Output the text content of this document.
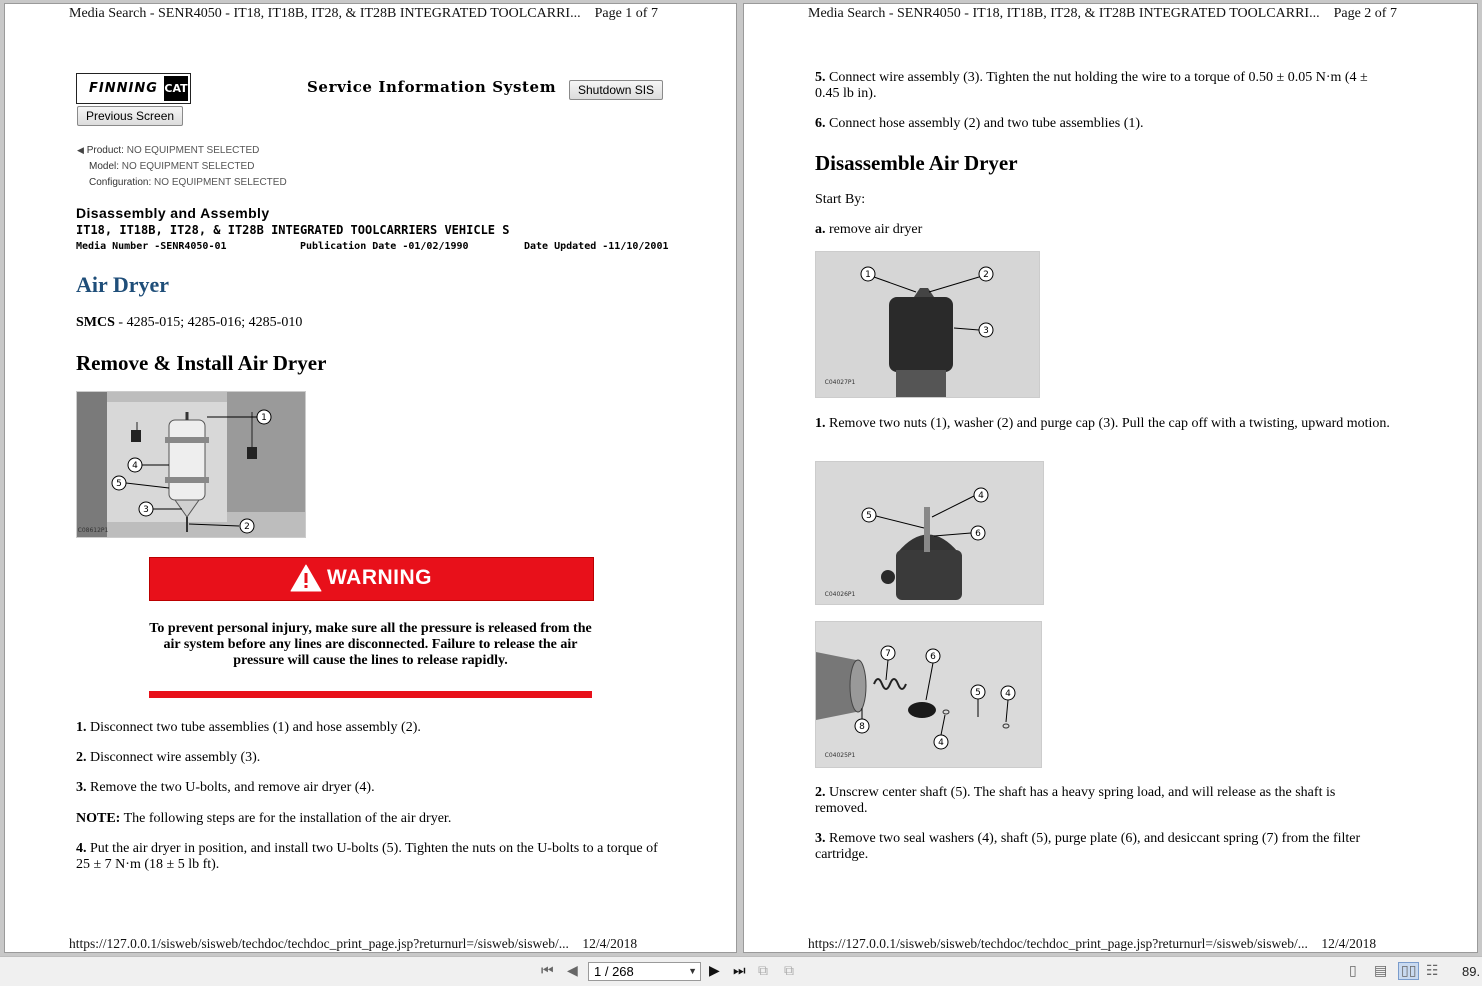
Media Search - SENR4050 - IT18, IT18B, IT28, & IT28B INTEGRATED TOOLCARRI... Page 1 of 7
FINNING CAT	Service Information System	Shutdown SIS
Previous Screen
◀ Product: NO EQUIPMENT SELECTED
Model: NO EQUIPMENT SELECTED
Configuration: NO EQUIPMENT SELECTED
Disassembly and Assembly
IT18, IT18B, IT28, & IT28B INTEGRATED TOOLCARRIERS VEHICLE S
Media Number -SENR4050-01	Publication Date -01/02/1990	Date Updated -11/10/2001
Air Dryer
SMCS - 4285-015; 4285-016; 4285-010
Remove & Install Air Dryer
1
2
3
4
5
C08612P1
WARNING
To prevent personal injury, make sure all the pressure is released from the air system before any lines are disconnected. Failure to release the air pressure will cause the lines to release rapidly.
1. Disconnect two tube assemblies (1) and hose assembly (2).
2. Disconnect wire assembly (3).
3. Remove the two U-bolts, and remove air dryer (4).
NOTE: The following steps are for the installation of the air dryer.
4. Put the air dryer in position, and install two U-bolts (5). Tighten the nuts on the U-bolts to a torque of 25 ± 7 N·m (18 ± 5 lb ft).
https://127.0.0.1/sisweb/sisweb/techdoc/techdoc_print_page.jsp?returnurl=/sisweb/sisweb/... 12/4/2018
Media Search - SENR4050 - IT18, IT18B, IT28, & IT28B INTEGRATED TOOLCARRI... Page 2 of 7
5. Connect wire assembly (3). Tighten the nut holding the wire to a torque of 0.50 ± 0.05 N·m (4 ± 0.45 lb in).
6. Connect hose assembly (2) and two tube assemblies (1).
Disassemble Air Dryer
Start By:
a. remove air dryer
1	2
3
C04027P1
1. Remove two nuts (1), washer (2) and purge cap (3). Pull the cap off with a twisting, upward motion.
4
5
6
C04026P1
7	6
5	4
8
4
C04025P1
2. Unscrew center shaft (5). The shaft has a heavy spring load, and will release as the shaft is removed.
3. Remove two seal washers (4), shaft (5), purge plate (6), and desiccant spring (7) from the filter cartridge.
https://127.0.0.1/sisweb/sisweb/techdoc/techdoc_print_page.jsp?returnurl=/sisweb/sisweb/... 12/4/2018
⏮ ◀	1 / 268	▼ ▶ ⏭ ⧉ ⧉	▯ ▤ ▯▯ ☷ 89.
